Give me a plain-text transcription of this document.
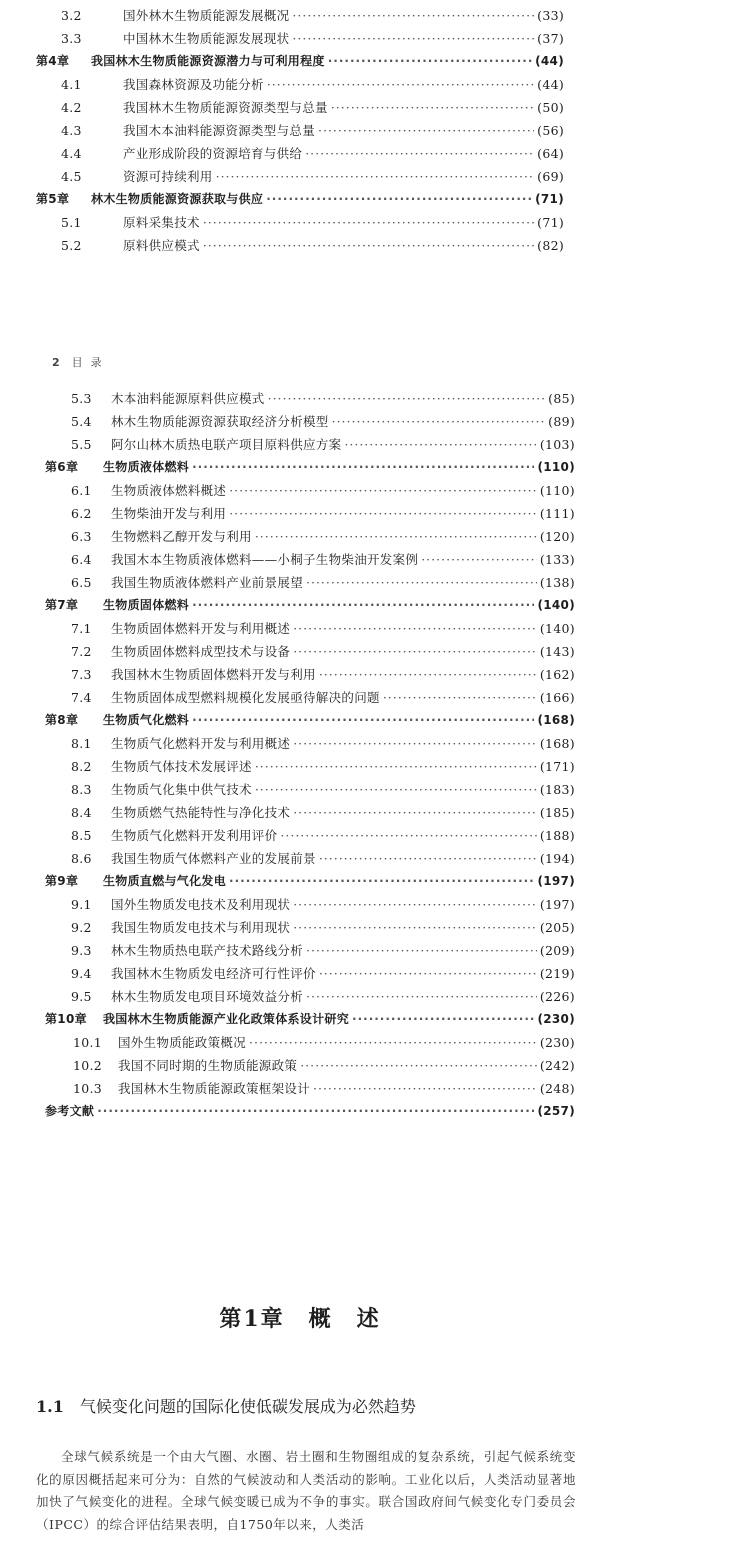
3.2	国外林木生物质能源发展概况 ·····	(33)
3.3	中国林木生物质能源发展现状 ·····	(37)
第4章	我国林木生物质能源资源潜力与可利用程度 ·····	(44)
4.1	我国森林资源及功能分析 ·····	(44)
4.2	我国林木生物质能源资源类型与总量 ·····	(50)
4.3	我国木本油料能源资源类型与总量 ·····	(56)
4.4	产业形成阶段的资源培育与供给 ·····	(64)
4.5	资源可持续利用 ·····	(69)
第5章	林木生物质能源资源获取与供应 ·····	(71)
5.1	原料采集技术 ·····	(71)
5.2	原料供应模式 ·····	(82)
2 目录
5.3	木本油料能源原料供应模式 ·····	(85)
5.4	林木生物质能源资源获取经济分析模型 ·····	(89)
5.5	阿尔山林木质热电联产项目原料供应方案 ·····	(103)
第6章	生物质液体燃料 ·····	(110)
6.1	生物质液体燃料概述 ·····	(110)
6.2	生物柴油开发与利用 ·····	(111)
6.3	生物燃料乙醇开发与利用 ·····	(120)
6.4	我国木本生物质液体燃料——小桐子生物柴油开发案例 ·····	(133)
6.5	我国生物质液体燃料产业前景展望 ·····	(138)
第7章	生物质固体燃料 ·····	(140)
7.1	生物质固体燃料开发与利用概述 ·····	(140)
7.2	生物质固体燃料成型技术与设备 ·····	(143)
7.3	我国林木生物质固体燃料开发与利用 ·····	(162)
7.4	生物质固体成型燃料规模化发展亟待解决的问题 ·····	(166)
第8章	生物质气化燃料 ·····	(168)
8.1	生物质气化燃料开发与利用概述 ·····	(168)
8.2	生物质气体技术发展评述 ·····	(171)
8.3	生物质气化集中供气技术 ·····	(183)
8.4	生物质燃气热能特性与净化技术 ·····	(185)
8.5	生物质气化燃料开发利用评价 ·····	(188)
8.6	我国生物质气体燃料产业的发展前景 ·····	(194)
第9章	生物质直燃与气化发电 ·····	(197)
9.1	国外生物质发电技术及利用现状 ·····	(197)
9.2	我国生物质发电技术与利用现状 ·····	(205)
9.3	林木生物质热电联产技术路线分析 ·····	(209)
9.4	我国林木生物质发电经济可行性评价 ·····	(219)
9.5	林木生物质发电项目环境效益分析 ·····	(226)
第10章	我国林木生物质能源产业化政策体系设计研究 ·····	(230)
10.1	国外生物质能政策概况 ·····	(230)
10.2	我国不同时期的生物质能源政策 ·····	(242)
10.3	我国林木生物质能源政策框架设计 ·····	(248)
参考文献 ·····	(257)
第1章　概　述
1.1 气候变化问题的国际化使低碳发展成为必然趋势

全球气候系统是一个由大气圈、水圈、岩土圈和生物圈组成的复杂系统，引起气候系统变化的原因概括起来可分为：自然的气候波动和人类活动的影响。工业化以后，人类活动显著地加快了气候变化的进程。全球气候变暖已成为不争的事实。联合国政府间气候变化专门委员会（IPCC）的综合评估结果表明，自1750年以来，人类活
